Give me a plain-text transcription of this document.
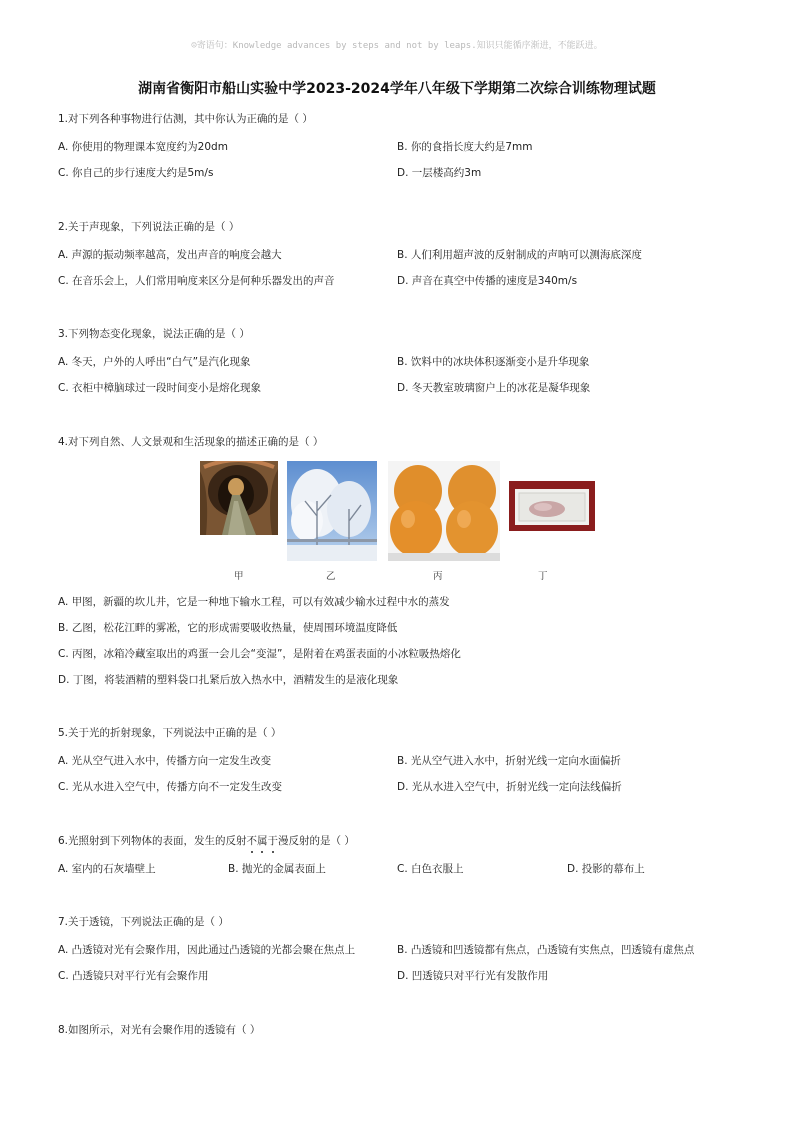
☺寄语句：Knowledge advances by steps and not by leaps.知识只能循序渐进，不能跃进。
湖南省衡阳市船山实验中学2023-2024学年八年级下学期第二次综合训练物理试题
1.对下列各种事物进行估测，其中你认为正确的是（ ）
A. 你使用的物理课本宽度约为20dm	B. 你的食指长度大约是7mm
C. 你自己的步行速度大约是5m/s	D. 一层楼高约3m
2.关于声现象，下列说法正确的是（ ）
A. 声源的振动频率越高，发出声音的响度会越大	B. 人们利用超声波的反射制成的声呐可以测海底深度
C. 在音乐会上，人们常用响度来区分是何种乐器发出的声音	D. 声音在真空中传播的速度是340m/s
3.下列物态变化现象，说法正确的是（ ）
A. 冬天，户外的人呼出“白气”是汽化现象	B. 饮料中的冰块体积逐渐变小是升华现象
C. 衣柜中樟脑球过一段时间变小是熔化现象	D. 冬天教室玻璃窗户上的冰花是凝华现象
4.对下列自然、人文景观和生活现象的描述正确的是（ ）
甲	乙	丙	丁
A. 甲图，新疆的坎儿井，它是一种地下输水工程，可以有效减少输水过程中水的蒸发
B. 乙图，松花江畔的雾凇，它的形成需要吸收热量，使周围环境温度降低
C. 丙图，冰箱冷藏室取出的鸡蛋一会儿会“变湿”，是附着在鸡蛋表面的小冰粒吸热熔化
D. 丁图，将装酒精的塑料袋口扎紧后放入热水中，酒精发生的是液化现象
5.关于光的折射现象，下列说法中正确的是（ ）
A. 光从空气进入水中，传播方向一定发生改变	B. 光从空气进入水中，折射光线一定向水面偏折
C. 光从水进入空气中，传播方向不一定发生改变	D. 光从水进入空气中，折射光线一定向法线偏折
6.光照射到下列物体的表面，发生的反射不属于
漫反射的是（ ）
A. 室内的石灰墙壁上	B. 抛光的金属表面上	C. 白色衣服上	D. 投影的幕布上
7.关于透镜，下列说法正确的是（ ）
A. 凸透镜对光有会聚作用，因此通过凸透镜的光都会聚在焦点上	B. 凸透镜和凹透镜都有焦点，凸透镜有实焦点，凹透镜有虚焦点
C. 凸透镜只对平行光有会聚作用	D. 凹透镜只对平行光有发散作用
8.如图所示，对光有会聚作用的透镜有（ ）
